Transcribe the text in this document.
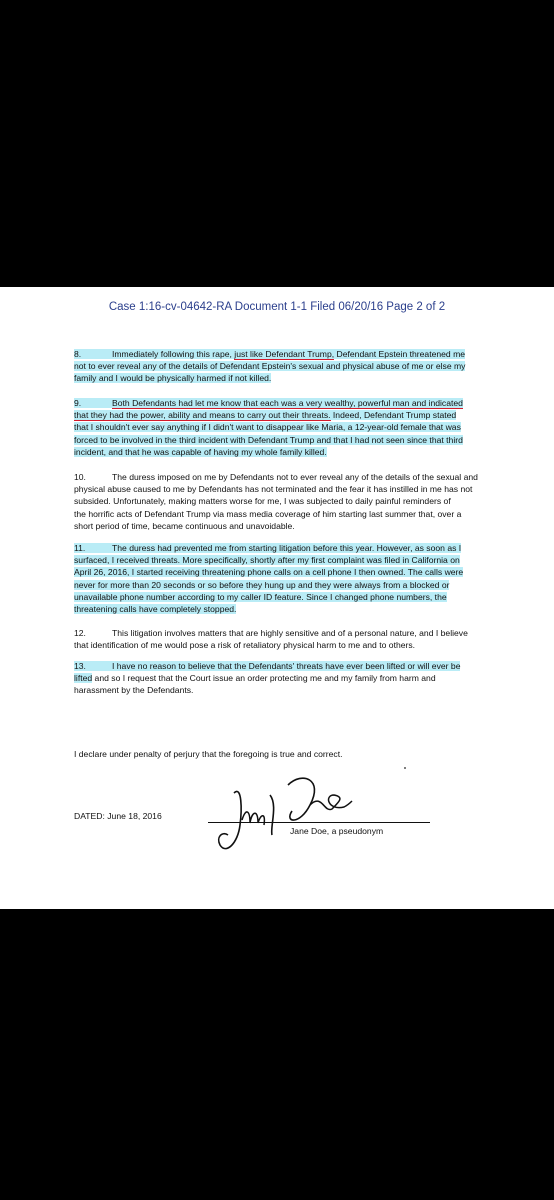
Case 1:16-cv-04642-RA Document 1-1 Filed 06/20/16 Page 2 of 2
8.	Immediately following this rape, just like Defendant Trump, Defendant Epstein threatened me
not to ever reveal any of the details of Defendant Epstein's sexual and physical abuse of me or else my
family and I would be physically harmed if not killed.
9.	Both Defendants had let me know that each was a very wealthy, powerful man and indicated
that they had the power, ability and means to carry out their threats. Indeed, Defendant Trump stated
that I shouldn't ever say anything if I didn't want to disappear like Maria, a 12-year-old female that was
forced to be involved in the third incident with Defendant Trump and that I had not seen since that third
incident, and that he was capable of having my whole family killed.
10.	The duress imposed on me by Defendants not to ever reveal any of the details of the sexual and
physical abuse caused to me by Defendants has not terminated and the fear it has instilled in me has not
subsided. Unfortunately, making matters worse for me, I was subjected to daily painful reminders of
the horrific acts of Defendant Trump via mass media coverage of him starting last summer that, over a
short period of time, became continuous and unavoidable.
11.	The duress had prevented me from starting litigation before this year. However, as soon as I
surfaced, I received threats. More specifically, shortly after my first complaint was filed in California on
April 26, 2016, I started receiving threatening phone calls on a cell phone I then owned. The calls were
never for more than 20 seconds or so before they hung up and they were always from a blocked or
unavailable phone number according to my caller ID feature. Since I changed phone numbers, the
threatening calls have completely stopped.
12.	This litigation involves matters that are highly sensitive and of a personal nature, and I believe
that identification of me would pose a risk of retaliatory physical harm to me and to others.
13.	I have no reason to believe that the Defendants' threats have ever been lifted or will ever be
lifted and so I request that the Court issue an order protecting me and my family from harm and
harassment by the Defendants.
I declare under penalty of perjury that the foregoing is true and correct.
DATED: June 18, 2016
Jane Doe, a pseudonym
